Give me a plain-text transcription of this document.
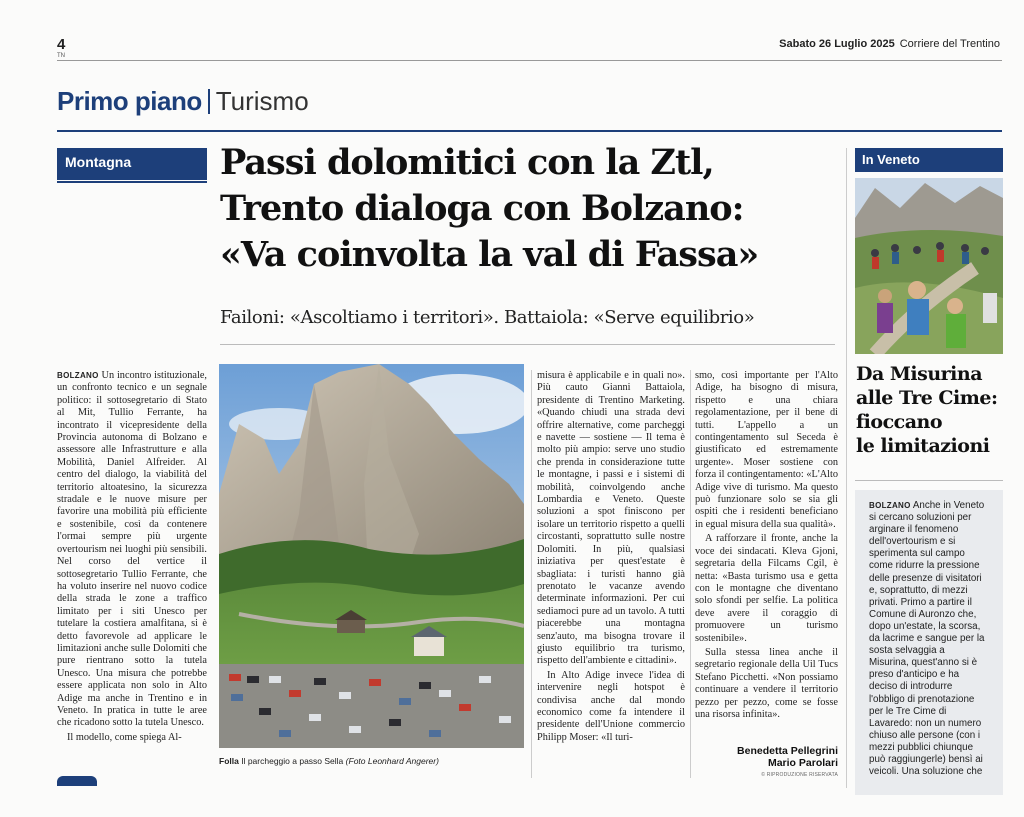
4
TN
Sabato 26 Luglio 2025 Corriere del Trentino
Primo piano Turismo
Montagna	Passi dolomitici con la Ztl,
Trento dialoga con Bolzano:
«Va coinvolta la val di Fassa»
Failoni: «Ascoltiamo i territori». Battaiola: «Serve equilibrio»

BOLZANO Un incontro istituzionale, un confronto tecnico e un segnale politico: il sottosegretario di Stato al Mit, Tullio Ferrante, ha incontrato il vicepresidente della Provincia autonoma di Bolzano e assessore alle Infrastrutture e alla Mobilità, Daniel Alfreider. Al centro del dialogo, la viabilità del territorio altoatesino, la sicurezza stradale e le nuove misure per favorire una mobilità più efficiente e sostenibile, così da contenere l'ormai sempre più urgente overtourism nei luoghi più sensibili. Nel corso del vertice il sottosegretario Tullio Ferrante, che ha voluto inserire nel nuovo codice della strada le zone a traffico limitato per i siti Unesco per tutelare la costiera amalfitana, si è detto favorevole ad applicare le limitazioni anche sulle Dolomiti che pure rientrano sotto la tutela Unesco. Una misura che potrebbe essere applicata non solo in Alto Adige ma anche in Trentino e in Veneto. In pratica in tutte le aree che ricadono sotto la tutela Unesco.

Il modello, come spiega Al-

Folla Il parcheggio a passo Sella (Foto Leonhard Angerer)

misura è applicabile e in quali no». Più cauto Gianni Battaiola, presidente di Trentino Marketing. «Quando chiudi una strada devi offrire alternative, come parcheggi e navette — sostiene — Il tema è molto più ampio: serve uno studio che prenda in considerazione tutte le montagne, i passi e i sistemi di mobilità, coinvolgendo anche Lombardia e Veneto. Queste soluzioni a spot finiscono per isolare un territorio rispetto a quelli circostanti, soprattutto sulle nostre Dolomiti. In più, qualsiasi iniziativa per quest'estate è sbagliata: i turisti hanno già prenotato le vacanze avendo determinate informazioni. Per cui sediamoci pure ad un tavolo. A tutti piacerebbe una montagna senz'auto, ma bisogna trovare il giusto equilibrio tra turismo, rispetto dell'ambiente e cittadini».

In Alto Adige invece l'idea di intervenire negli hotspot è condivisa anche dal mondo economico come fa intendere il presidente dell'Unione commercio Philipp Moser: «Il turi-

smo, così importante per l'Alto Adige, ha bisogno di misura, rispetto e una chiara regolamentazione, per il bene di tutti. L'appello a un contingentamento sul Seceda è giustificato ed estremamente urgente». Moser sostiene con forza il contingentamento: «L'Alto Adige vive di turismo. Ma questo può funzionare solo se sia gli ospiti che i residenti beneficiano in egual misura della sua qualità».

A rafforzare il fronte, anche la voce dei sindacati. Kleva Gjoni, segretaria della Filcams Cgil, è netta: «Basta turismo usa e getta con le montagne che diventano solo sfondi per selfie. La politica deve avere il coraggio di promuovere un turismo sostenibile».

Sulla stessa linea anche il segretario regionale della Uil Tucs Stefano Picchetti. «Non possiamo continuare a vendere il territorio pezzo per pezzo, come se fosse una risorsa infinita».

Benedetta Pellegrini
Mario Parolari
© RIPRODUZIONE RISERVATA
In Veneto
Da Misurina
alle Tre Cime:
fioccano
le limitazioni

BOLZANO Anche in Veneto si cercano soluzioni per arginare il fenomeno dell'overtourism e si sperimenta sul campo come ridurre la pressione delle presenze di visitatori e, soprattutto, di mezzi privati. Primo a partire il Comune di Auronzo che, dopo un'estate, la scorsa, da lacrime e sangue per la sosta selvaggia a Misurina, quest'anno si è preso d'anticipo e ha deciso di introdurre l'obbligo di prenotazione per le Tre Cime di Lavaredo: non un numero chiuso alle persone (con i mezzi pubblici chiunque può raggiungerle) bensì ai veicoli. Una soluzione che
